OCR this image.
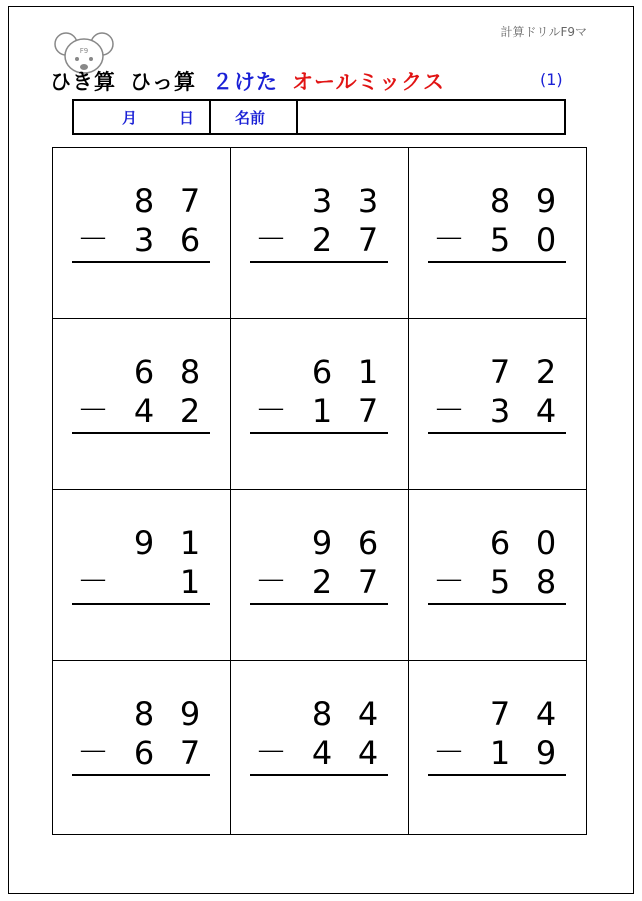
F9
計算ドリルF9マ
ひき算 ひっ算 ２けた オールミックス	(1)
月	日	名前
8 7
－ 3 6
3 3
－ 2 7
8 9
－ 5 0
6 8
－ 4 2
6 1
－ 1 7
7 2
－ 3 4
9 1
－ 1
9 6
－ 2 7
6 0
－ 5 8
8 9
－ 6 7
8 4
－ 4 4
7 4
－ 1 9
